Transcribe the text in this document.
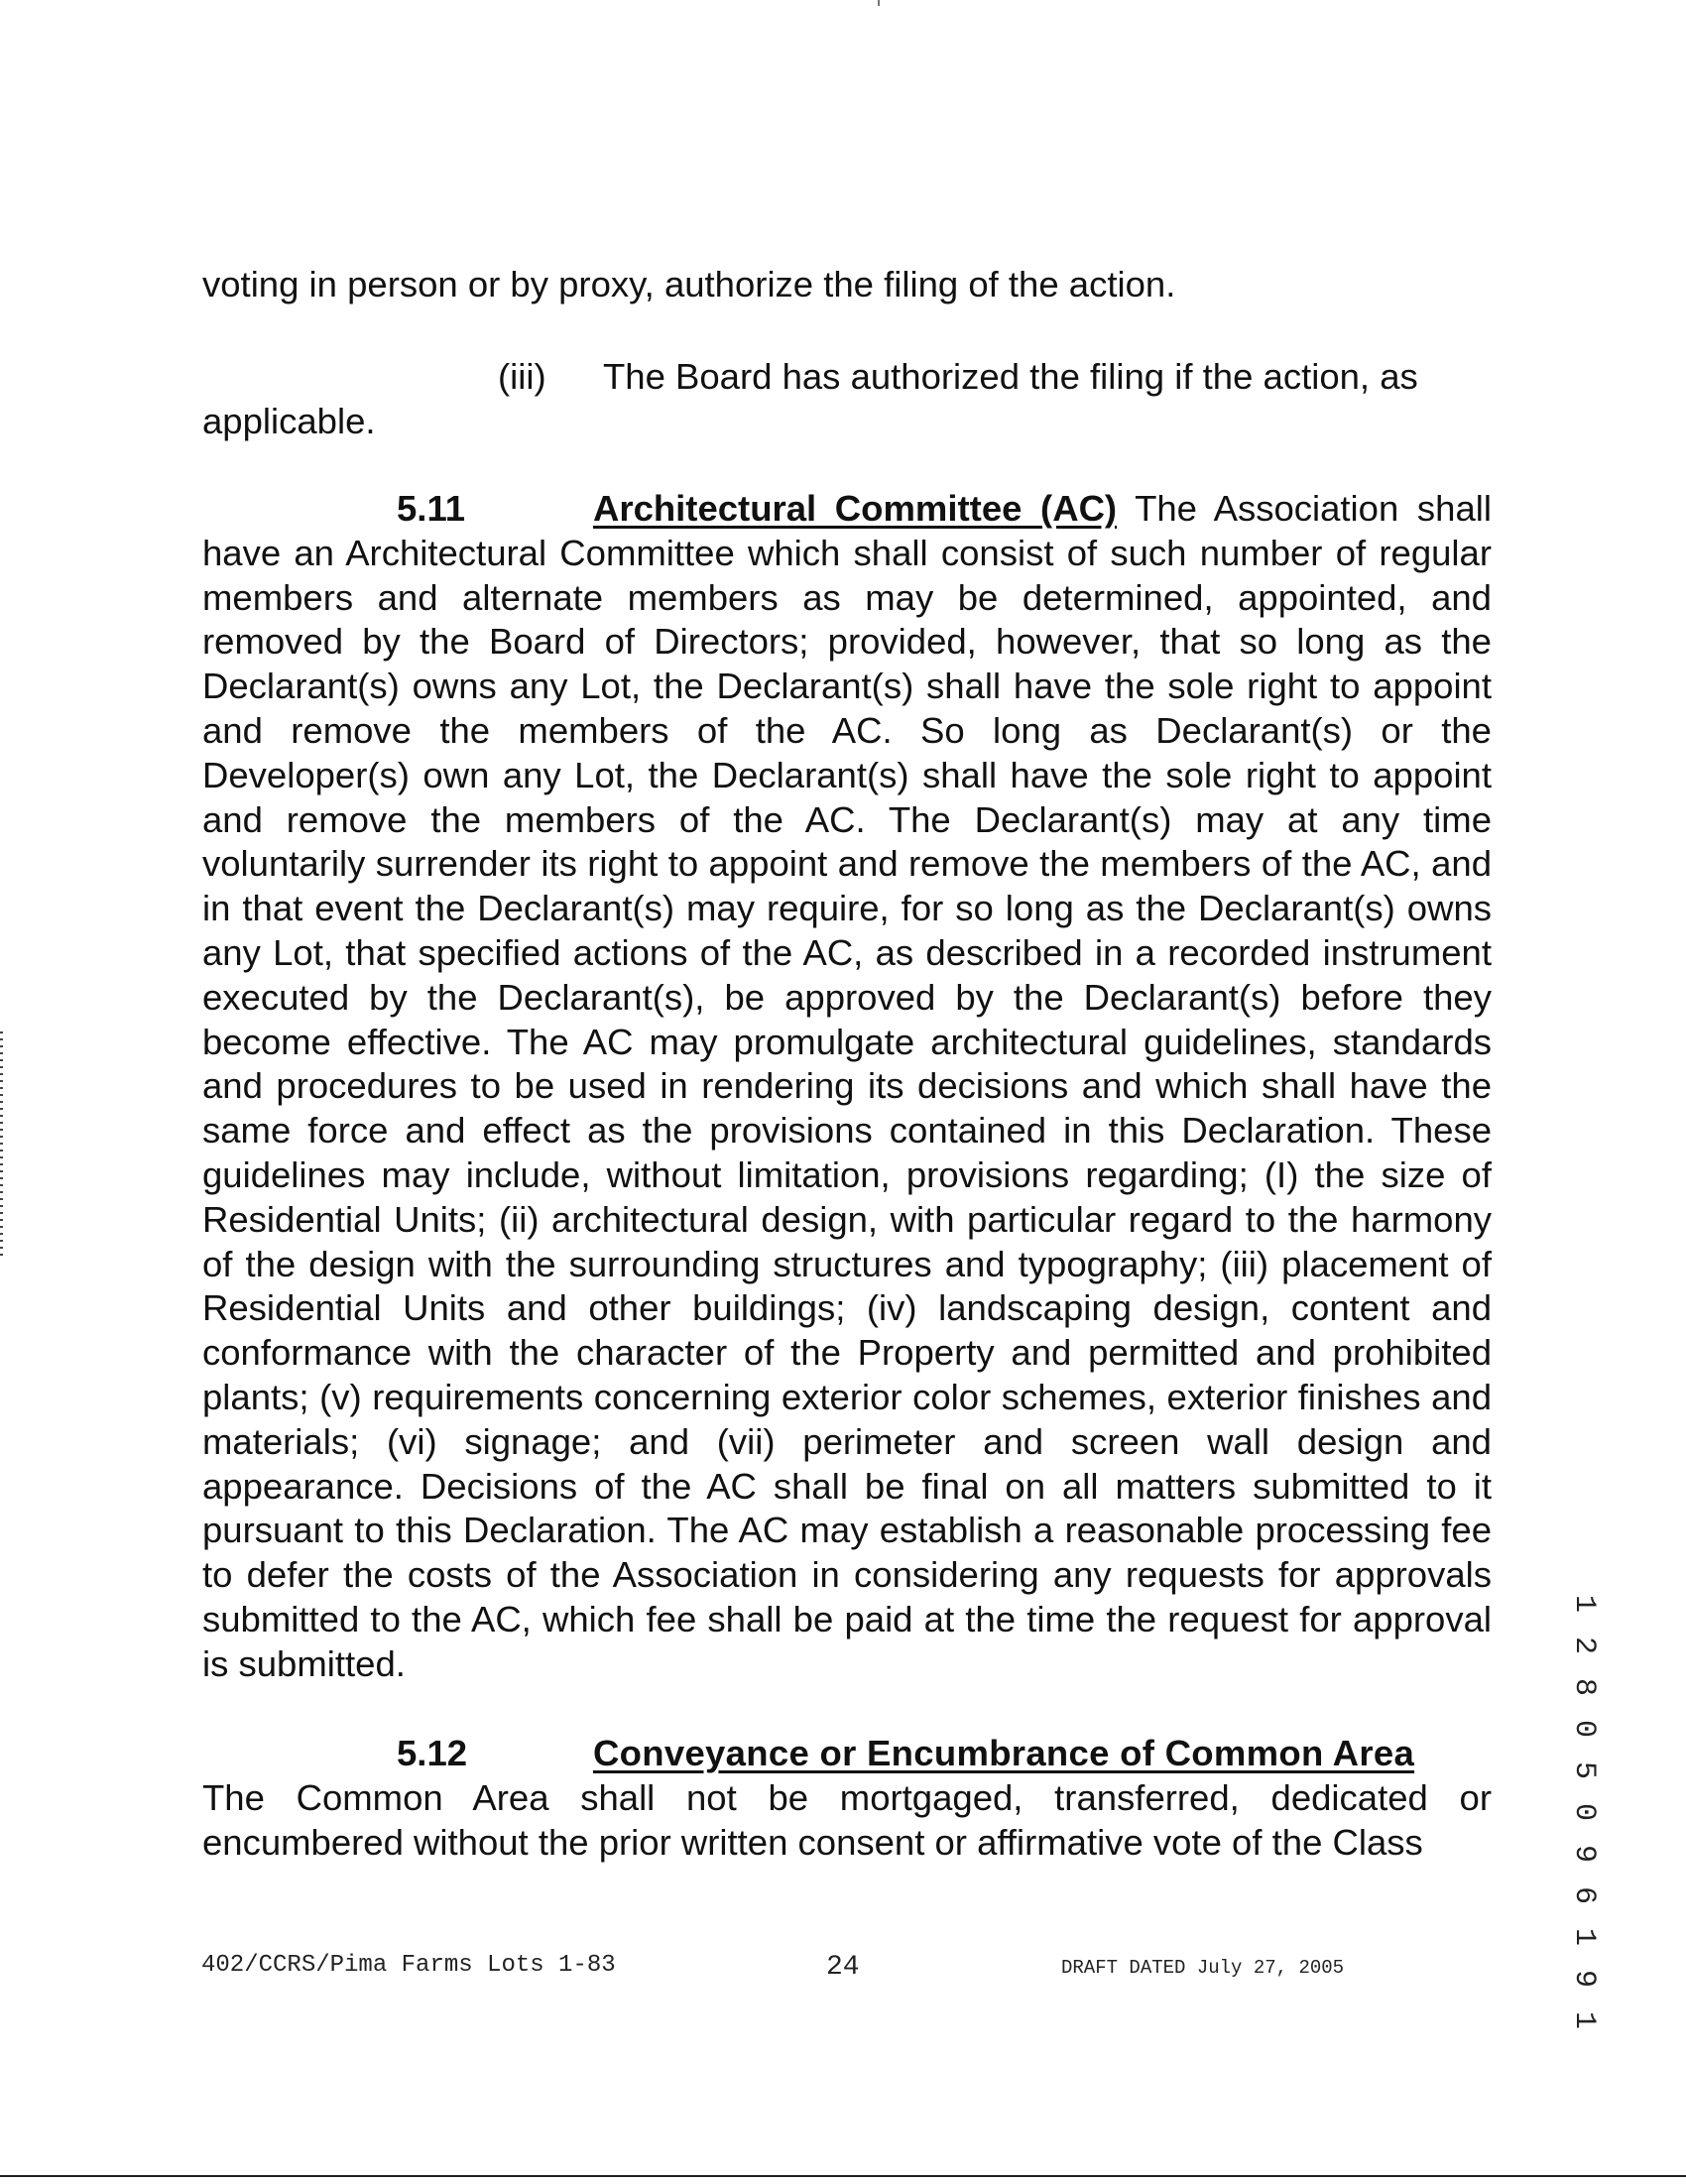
voting in person or by proxy, authorize the filing of the action.

(iii) The Board has authorized the filing if the action, as
applicable.

5.11	Architectural Committee (AC) The Association shall have an Architectural Committee which shall consist of such number of regular members and alternate members as may be determined, appointed, and removed by the Board of Directors; provided, however, that so long as the Declarant(s) owns any Lot, the Declarant(s) shall have the sole right to appoint and remove the members of the AC. So long as Declarant(s) or the Developer(s) own any Lot, the Declarant(s) shall have the sole right to appoint and remove the members of the AC. The Declarant(s) may at any time voluntarily surrender its right to appoint and remove the members of the AC, and in that event the Declarant(s) may require, for so long as the Declarant(s) owns any Lot, that specified actions of the AC, as described in a recorded instrument executed by the Declarant(s), be approved by the Declarant(s) before they become effective. The AC may promulgate architectural guidelines, standards and procedures to be used in rendering its decisions and which shall have the same force and effect as the provisions contained in this Declaration. These guidelines may include, without limitation, provisions regarding; (I) the size of Residential Units; (ii) architectural design, with particular regard to the harmony of the design with the surrounding structures and typography; (iii) placement of Residential Units and other buildings; (iv) landscaping design, content and conformance with the character of the Property and permitted and prohibited plants; (v) requirements concerning exterior color schemes, exterior finishes and materials; (vi) signage; and (vii) perimeter and screen wall design and appearance. Decisions of the AC shall be final on all matters submitted to it pursuant to this Declaration. The AC may establish a reasonable processing fee to defer the costs of the Association in considering any requests for approvals submitted to the AC, which fee shall be paid at the time the request for approval is submitted.

5.12	Conveyance or Encumbrance of Common Area
The Common Area shall not be mortgaged, transferred, dedicated or encumbered without the prior written consent or affirmative vote of the Class

402/CCRS/Pima Farms Lots 1-83	24	DRAFT DATED July 27, 2005	1 2 8 0 5 0 9 6 1 9 1
